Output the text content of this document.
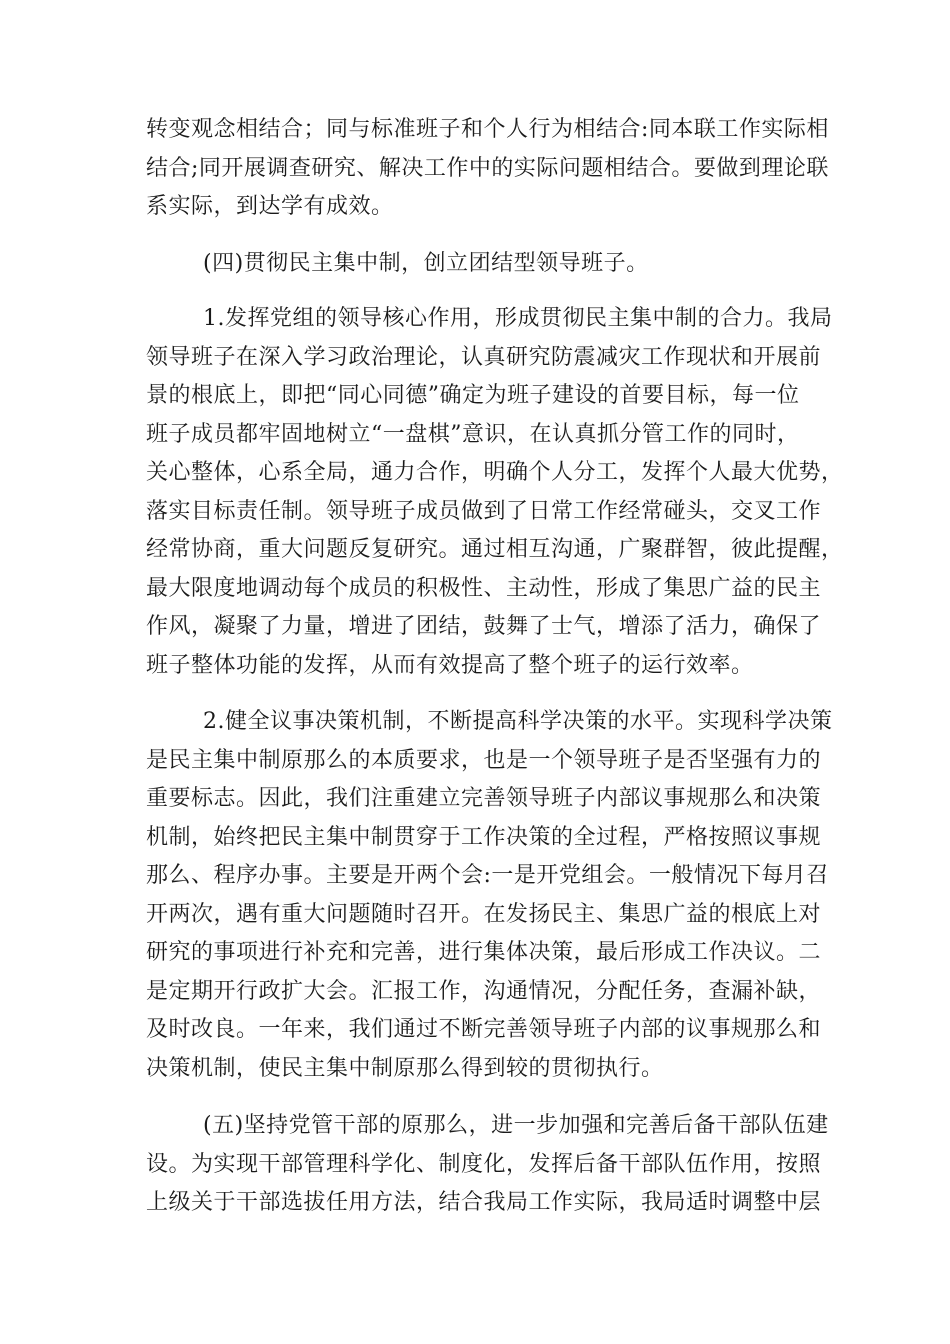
转变观念相结合；同与标准班子和个人行为相结合:同本联工作实际相
结合;同开展调查研究、解决工作中的实际问题相结合。要做到理论联
系实际，到达学有成效。
(四)贯彻民主集中制，创立团结型领导班子。
1.发挥党组的领导核心作用，形成贯彻民主集中制的合力。我局
领导班子在深入学习政治理论，认真研究防震减灾工作现状和开展前
景的根底上，即把“同心同德”确定为班子建设的首要目标，每一位
班子成员都牢固地树立“一盘棋”意识，在认真抓分管工作的同时，
关心整体，心系全局，通力合作，明确个人分工，发挥个人最大优势，
落实目标责任制。领导班子成员做到了日常工作经常碰头，交叉工作
经常协商，重大问题反复研究。通过相互沟通，广聚群智，彼此提醒，
最大限度地调动每个成员的积极性、主动性，形成了集思广益的民主
作风，凝聚了力量，增进了团结，鼓舞了士气，增添了活力，确保了
班子整体功能的发挥，从而有效提高了整个班子的运行效率。
2.健全议事决策机制，不断提高科学决策的水平。实现科学决策
是民主集中制原那么的本质要求，也是一个领导班子是否坚强有力的
重要标志。因此，我们注重建立完善领导班子内部议事规那么和决策
机制，始终把民主集中制贯穿于工作决策的全过程，严格按照议事规
那么、程序办事。主要是开两个会:一是开党组会。一般情况下每月召
开两次，遇有重大问题随时召开。在发扬民主、集思广益的根底上对
研究的事项进行补充和完善，进行集体决策，最后形成工作决议。二
是定期开行政扩大会。汇报工作，沟通情况，分配任务，查漏补缺，
及时改良。一年来，我们通过不断完善领导班子内部的议事规那么和
决策机制，使民主集中制原那么得到较的贯彻执行。
(五)坚持党管干部的原那么，进一步加强和完善后备干部队伍建
设。为实现干部管理科学化、制度化，发挥后备干部队伍作用，按照
上级关于干部选拔任用方法，结合我局工作实际，我局适时调整中层
